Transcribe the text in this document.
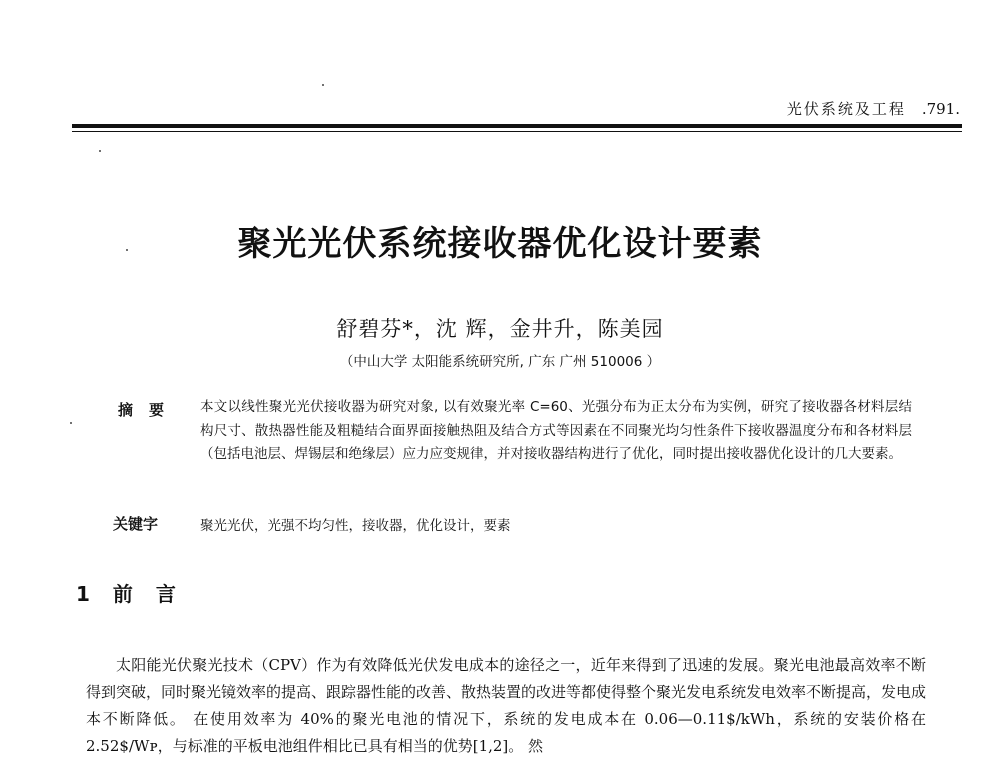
光伏系统及工程 .791.
聚光光伏系统接收器优化设计要素
舒碧芬*，沈 辉，金井升，陈美园
（中山大学 太阳能系统研究所, 广东 广州 510006 ）
摘要 本文以线性聚光光伏接收器为研究对象, 以有效聚光率 C=60、光强分布为正太分布为实例，研究了接收器各材料层结构尺寸、散热器性能及粗糙结合面界面接触热阻及结合方式等因素在不同聚光均匀性条件下接收器温度分布和各材料层（包括电池层、焊锡层和绝缘层）应力应变规律，并对接收器结构进行了优化，同时提出接收器优化设计的几大要素。
关键字	聚光光伏，光强不均匀性，接收器，优化设计，要素
1 前 言
太阳能光伏聚光技术（CPV）作为有效降低光伏发电成本的途径之一，近年来得到了迅速的发展。聚光电池最高效率不断得到突破，同时聚光镜效率的提高、跟踪器性能的改善、散热装置的改进等都使得整个聚光发电系统发电效率不断提高，发电成本不断降低。 在使用效率为 40%的聚光电池的情况下，系统的发电成本在 0.06—0.11$/kWh，系统的安装价格在 2.52$/Wᴘ，与标准的平板电池组件相比已具有相当的优势[1,2]。 然
